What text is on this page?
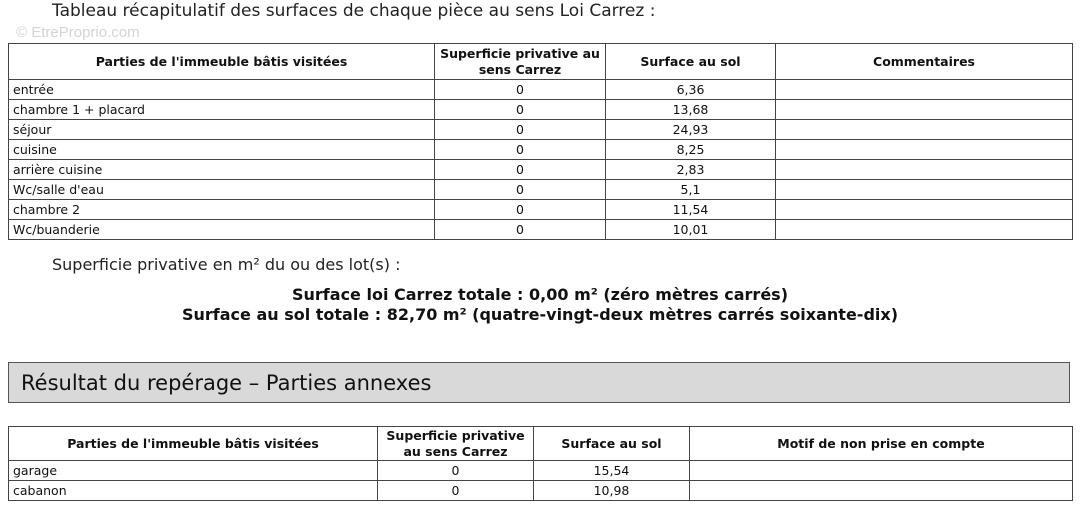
Tableau récapitulatif des surfaces de chaque pièce au sens Loi Carrez :
© EtreProprio.com
Parties de l'immeuble bâtis visitées	Superficie privative au sens Carrez	Surface au sol	Commentaires
entrée	0	6,36	
chambre 1 + placard	0	13,68	
séjour	0	24,93	
cuisine	0	8,25	
arrière cuisine	0	2,83	
Wc/salle d'eau	0	5,1	
chambre 2	0	11,54	
Wc/buanderie	0	10,01	
Superficie privative en m² du ou des lot(s) :
Surface loi Carrez totale : 0,00 m² (zéro mètres carrés)
Surface au sol totale : 82,70 m² (quatre-vingt-deux mètres carrés soixante-dix)
Résultat du repérage – Parties annexes
Parties de l'immeuble bâtis visitées	Superficie privative au sens Carrez	Surface au sol	Motif de non prise en compte
garage	0	15,54	
cabanon	0	10,98	
